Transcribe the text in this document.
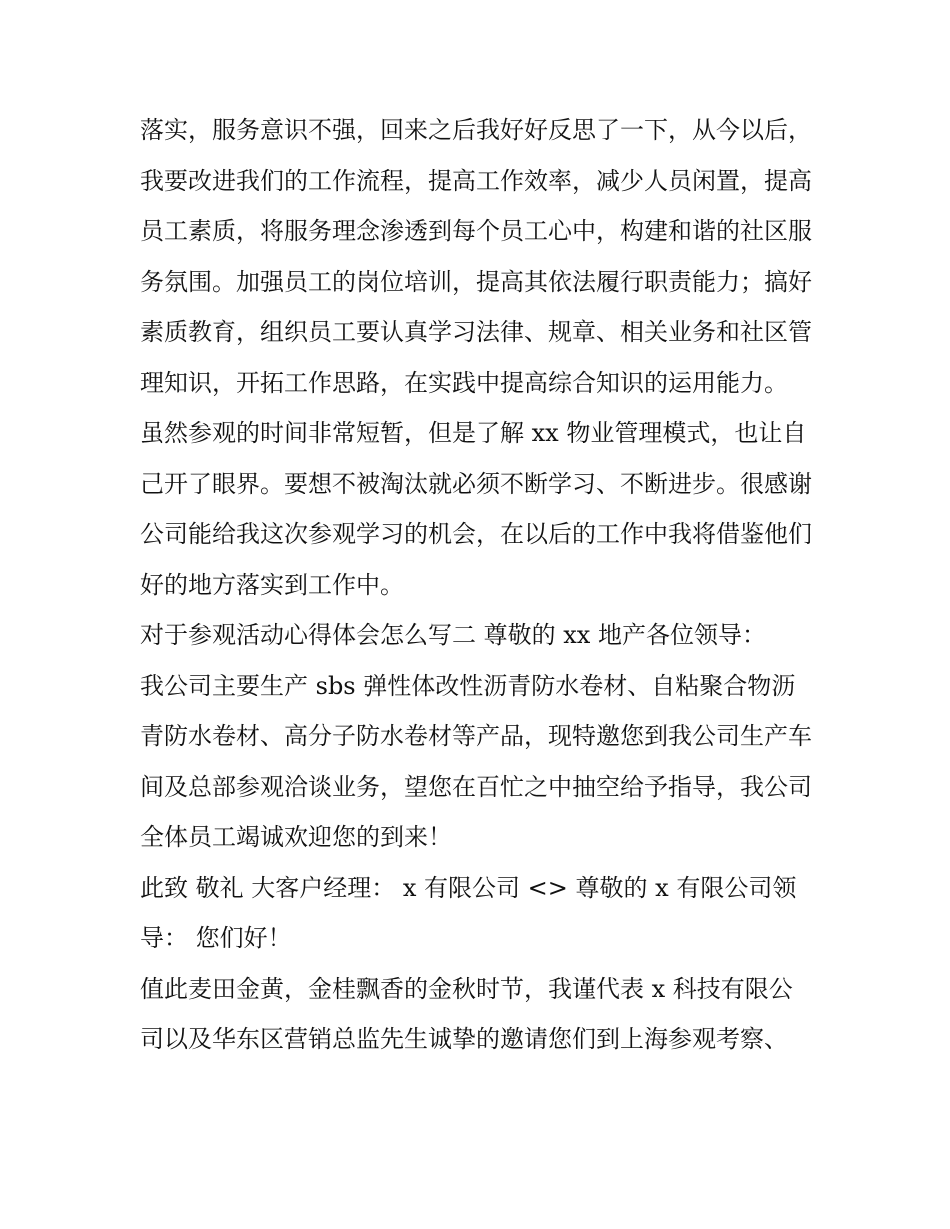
落实，服务意识不强，回来之后我好好反思了一下，从今以后，我要改进我们的工作流程，提高工作效率，减少人员闲置，提高员工素质，将服务理念渗透到每个员工心中，构建和谐的社区服务氛围。加强员工的岗位培训，提高其依法履行职责能力；搞好素质教育，组织员工要认真学习法律、规章、相关业务和社区管理知识，开拓工作思路，在实践中提高综合知识的运用能力。

虽然参观的时间非常短暂，但是了解 xx 物业管理模式，也让自己开了眼界。要想不被淘汰就必须不断学习、不断进步。很感谢公司能给我这次参观学习的机会，在以后的工作中我将借鉴他们好的地方落实到工作中。

对于参观活动心得体会怎么写二 尊敬的 xx 地产各位领导：

我公司主要生产 sbs 弹性体改性沥青防水卷材、自粘聚合物沥青防水卷材、高分子防水卷材等产品，现特邀您到我公司生产车间及总部参观洽谈业务，望您在百忙之中抽空给予指导，我公司全体员工竭诚欢迎您的到来！

此致 敬礼 大客户经理： x 有限公司 <> 尊敬的 x 有限公司领导： 您们好！

值此麦田金黄，金桂飘香的金秋时节，我谨代表 x 科技有限公司以及华东区营销总监先生诚挚的邀请您们到上海参观考察、
